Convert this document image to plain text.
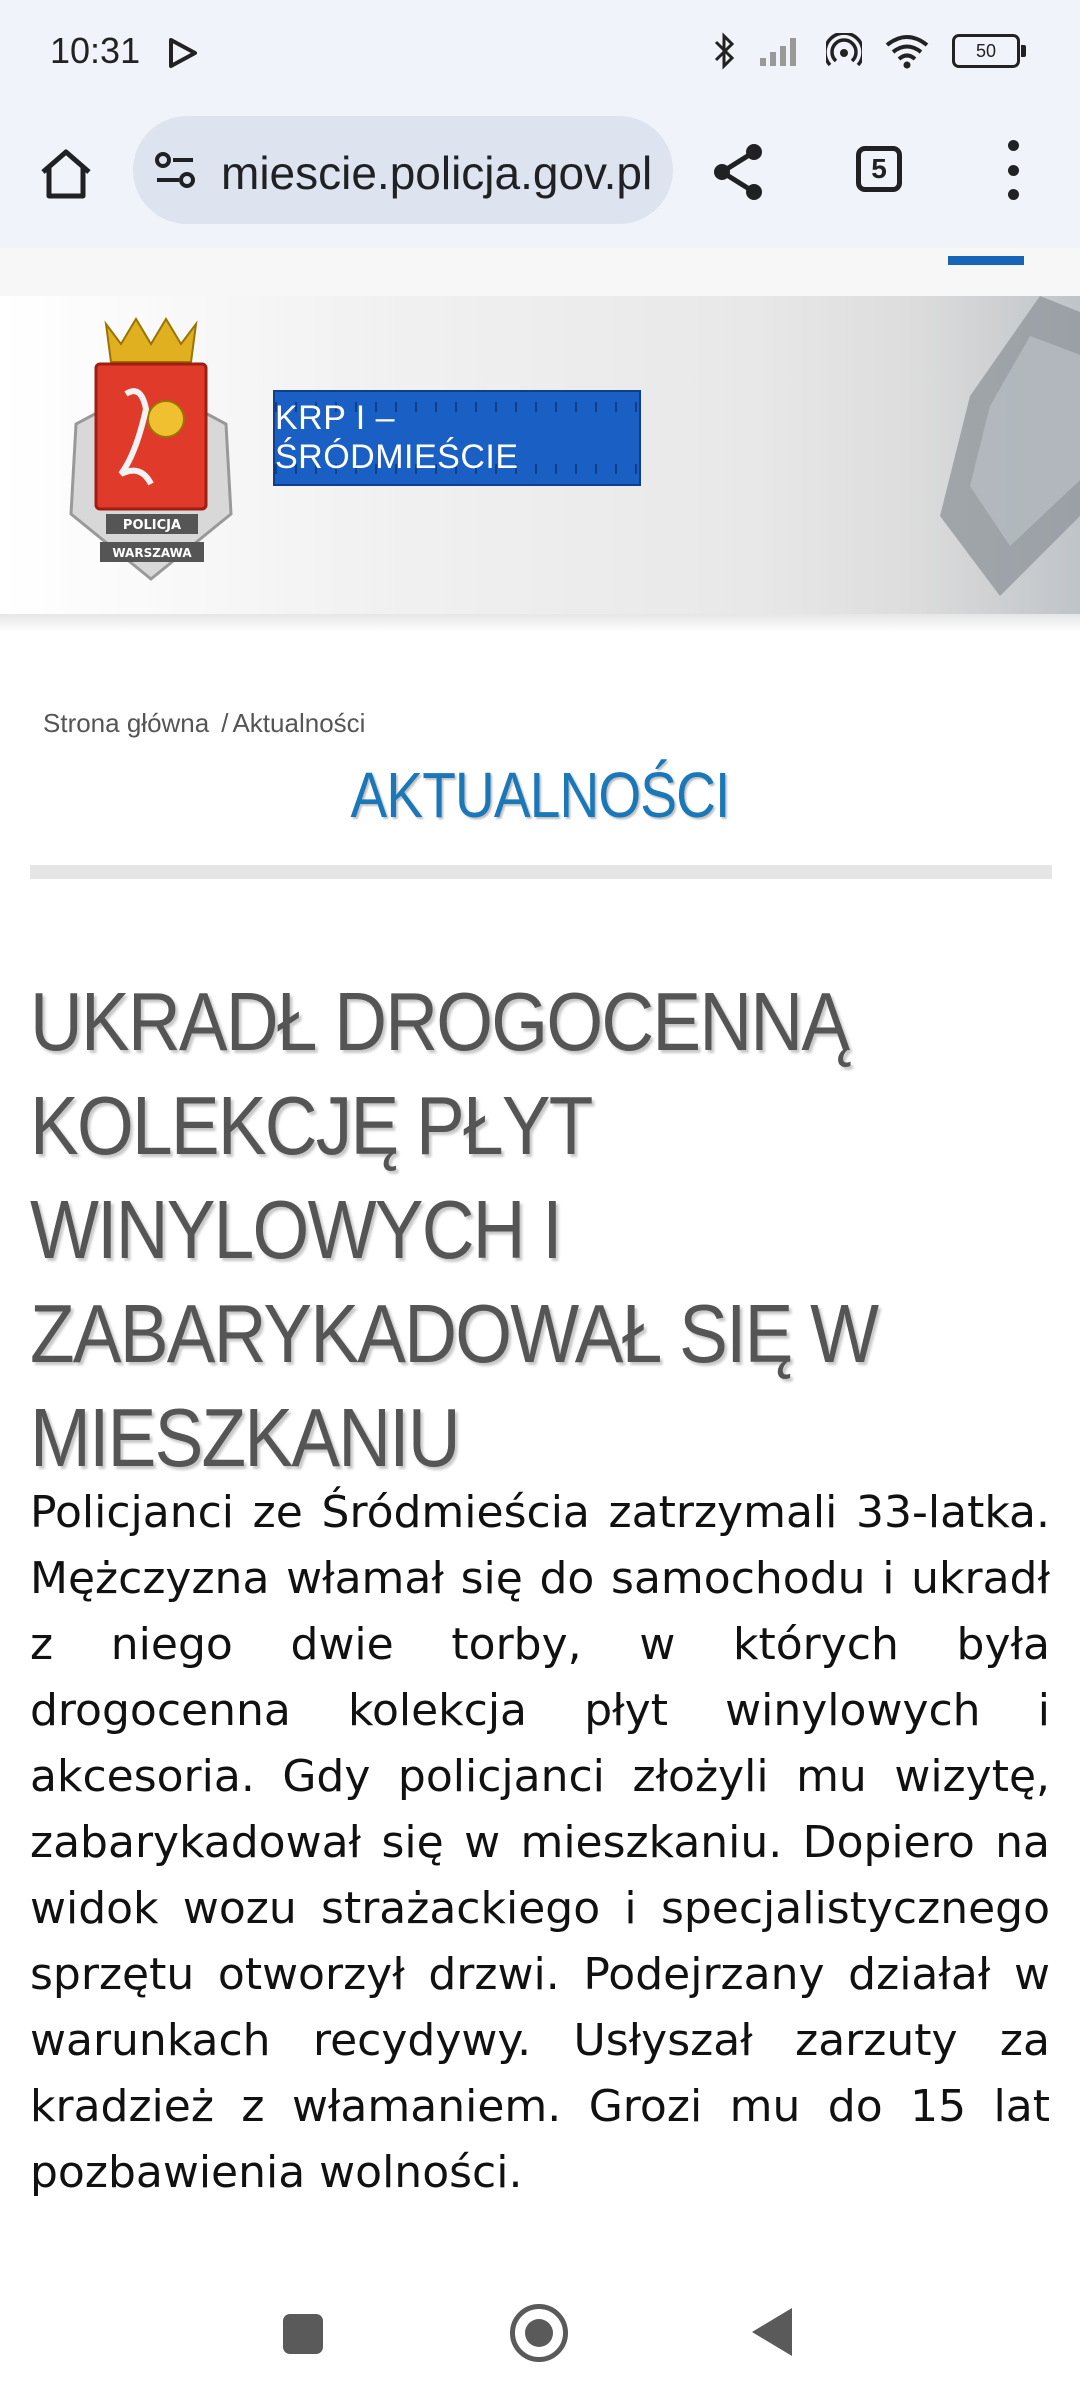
10:31	50
miescie.policja.gov.pl	5
POLICJA
WARSZAWA
KRP I – ŚRÓDMIEŚCIE
Strona główna / Aktualności
AKTUALNOŚCI
UKRADŁ DROGOCENNĄ KOLEKCJĘ PŁYT WINYLOWYCH I ZABARYKADOWAŁ SIĘ W MIESZKANIU

Policjanci ze Śródmieścia zatrzymali 33-latka. Mężczyzna włamał się do samochodu i ukradł z niego dwie torby, w których była drogocenna kolekcja płyt winylowych i akcesoria. Gdy policjanci złożyli mu wizytę, zabarykadował się w mieszkaniu. Dopiero na widok wozu strażackiego i specjalistycznego sprzętu otworzył drzwi. Podejrzany działał w warunkach recydywy. Usłyszał zarzuty za kradzież z włamaniem. Grozi mu do 15 lat pozbawienia wolności.
